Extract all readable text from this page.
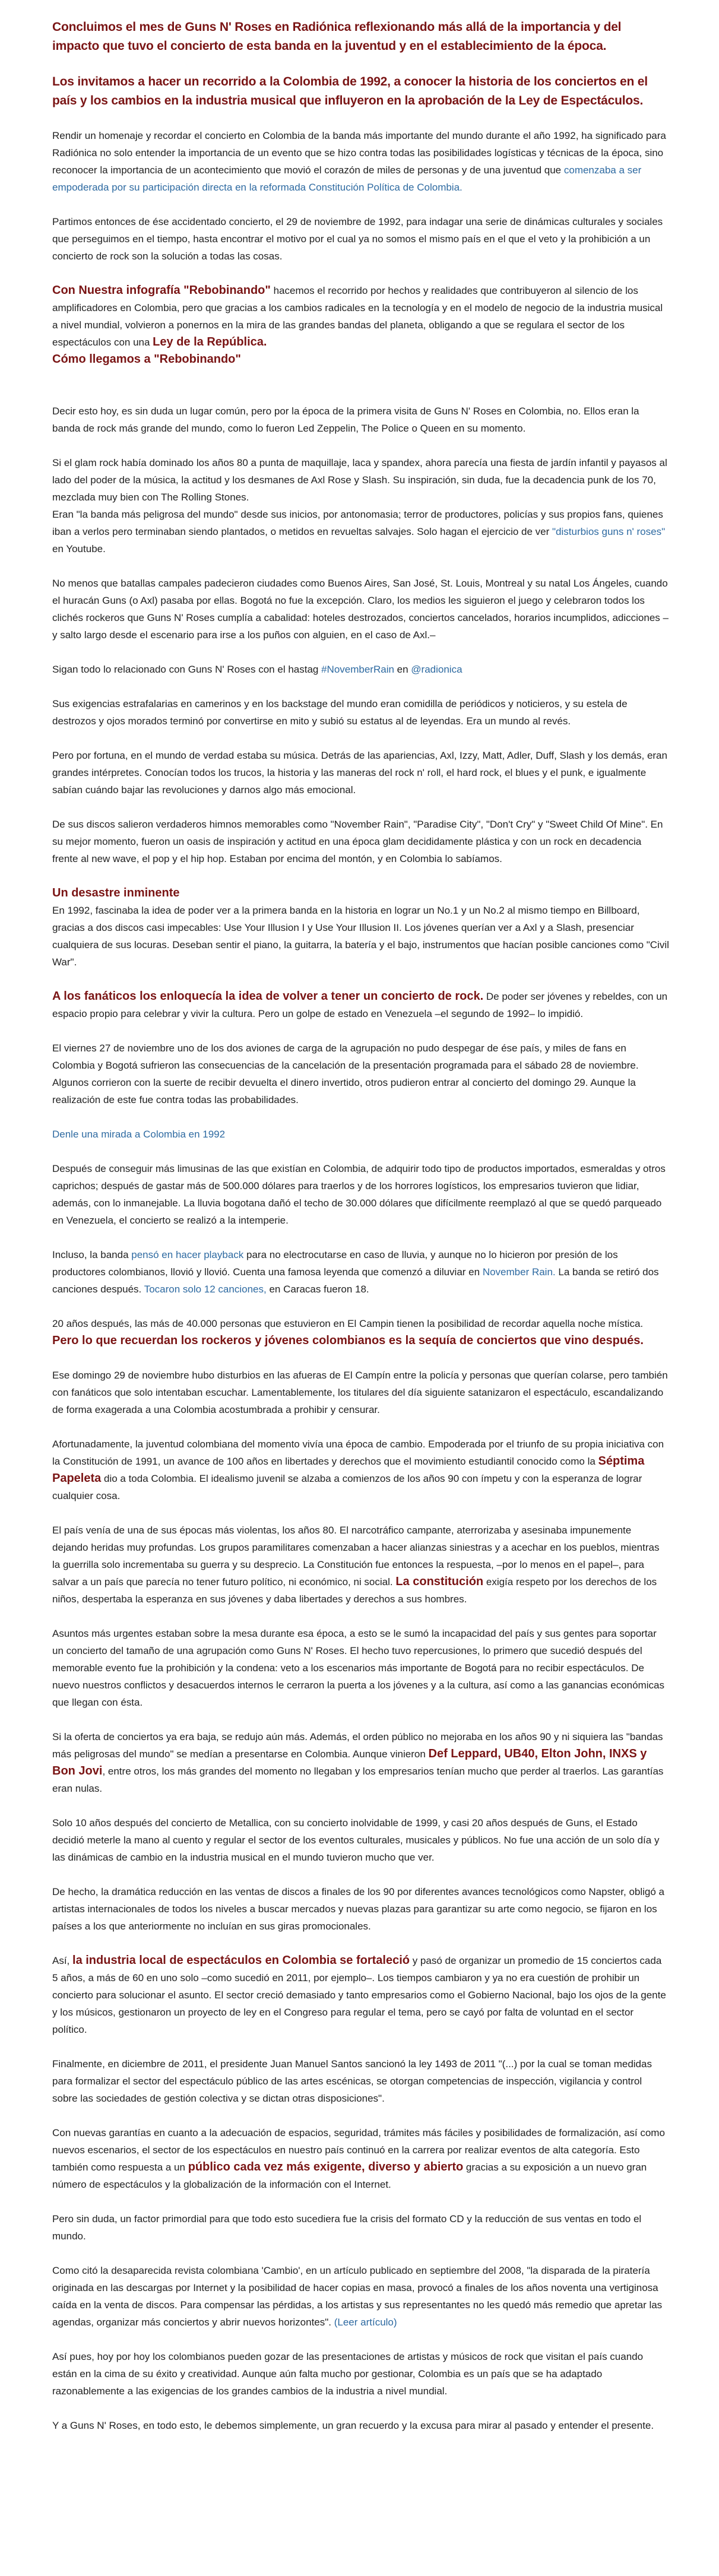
Concluimos el mes de Guns N' Roses en Radiónica reflexionando más allá de la importancia y del impacto que tuvo el concierto de esta banda en la juventud y en el establecimiento de la época.

Los invitamos a hacer un recorrido a la Colombia de 1992, a conocer la historia de los conciertos en el país y los cambios en la industria musical que influyeron en la aprobación de la Ley de Espectáculos.

Rendir un homenaje y recordar el concierto en Colombia de la banda más importante del mundo durante el año 1992, ha significado para Radiónica no solo entender la importancia de un evento que se hizo contra todas las posibilidades logísticas y técnicas de la época, sino reconocer la importancia de un acontecimiento que movió el corazón de miles de personas y de una juventud que comenzaba a ser empoderada por su participación directa en la reformada Constitución Política de Colombia.

Partimos entonces de ése accidentado concierto, el 29 de noviembre de 1992, para indagar una serie de dinámicas culturales y sociales que perseguimos en el tiempo, hasta encontrar el motivo por el cual ya no somos el mismo país en el que el veto y la prohibición a un concierto de rock son la solución a todas las cosas.

Con Nuestra infografía "Rebobinando" hacemos el recorrido por hechos y realidades que contribuyeron al silencio de los amplificadores en Colombia, pero que gracias a los cambios radicales en la tecnología y en el modelo de negocio de la industria musical a nivel mundial, volvieron a ponernos en la mira de las grandes bandas del planeta, obligando a que se regulara el sector de los espectáculos con una Ley de la República.
Cómo llegamos a "Rebobinando"

Decir esto hoy, es sin duda un lugar común, pero por la época de la primera visita de Guns N' Roses en Colombia, no. Ellos eran la banda de rock más grande del mundo, como lo fueron Led Zeppelin, The Police o Queen en su momento.

Si el glam rock había dominado los años 80 a punta de maquillaje, laca y spandex, ahora parecía una fiesta de jardín infantil y payasos al lado del poder de la música, la actitud y los desmanes de Axl Rose y Slash. Su inspiración, sin duda, fue la decadencia punk de los 70, mezclada muy bien con The Rolling Stones.
Eran "la banda más peligrosa del mundo" desde sus inicios, por antonomasia; terror de productores, policías y sus propios fans, quienes iban a verlos pero terminaban siendo plantados, o metidos en revueltas salvajes. Solo hagan el ejercicio de ver "disturbios guns n' roses" en Youtube.

No menos que batallas campales padecieron ciudades como Buenos Aires, San José, St. Louis, Montreal y su natal Los Ángeles, cuando el huracán Guns (o Axl) pasaba por ellas. Bogotá no fue la excepción. Claro, los medios les siguieron el juego y celebraron todos los clichés rockeros que Guns N' Roses cumplía a cabalidad: hoteles destrozados, conciertos cancelados, horarios incumplidos, adicciones –y salto largo desde el escenario para irse a los puños con alguien, en el caso de Axl.–

Sigan todo lo relacionado con Guns N' Roses con el hastag #NovemberRain en @radionica

Sus exigencias estrafalarias en camerinos y en los backstage del mundo eran comidilla de periódicos y noticieros, y su estela de destrozos y ojos morados terminó por convertirse en mito y subió su estatus al de leyendas. Era un mundo al revés.

Pero por fortuna, en el mundo de verdad estaba su música. Detrás de las apariencias, Axl, Izzy, Matt, Adler, Duff, Slash y los demás, eran grandes intérpretes. Conocían todos los trucos, la historia y las maneras del rock n' roll, el hard rock, el blues y el punk, e igualmente sabían cuándo bajar las revoluciones y darnos algo más emocional.

De sus discos salieron verdaderos himnos memorables como "November Rain", "Paradise City", "Don't Cry" y "Sweet Child Of Mine". En su mejor momento, fueron un oasis de inspiración y actitud en una época glam decididamente plástica y con un rock en decadencia frente al new wave, el pop y el hip hop. Estaban por encima del montón, y en Colombia lo sabíamos.

Un desastre inminente

En 1992, fascinaba la idea de poder ver a la primera banda en la historia en lograr un No.1 y un No.2 al mismo tiempo en Billboard, gracias a dos discos casi impecables: Use Your Illusion I y Use Your Illusion II. Los jóvenes querían ver a Axl y a Slash, presenciar cualquiera de sus locuras. Deseban sentir el piano, la guitarra, la batería y el bajo, instrumentos que hacían posible canciones como "Civil War".

A los fanáticos los enloquecía la idea de volver a tener un concierto de rock. De poder ser jóvenes y rebeldes, con un espacio propio para celebrar y vivir la cultura. Pero un golpe de estado en Venezuela –el segundo de 1992– lo impidió.

El viernes 27 de noviembre uno de los dos aviones de carga de la agrupación no pudo despegar de ése país, y miles de fans en Colombia y Bogotá sufrieron las consecuencias de la cancelación de la presentación programada para el sábado 28 de noviembre. Algunos corrieron con la suerte de recibir devuelta el dinero invertido, otros pudieron entrar al concierto del domingo 29. Aunque la realización de este fue contra todas las probabilidades.

Denle una mirada a Colombia en 1992

Después de conseguir más limusinas de las que existían en Colombia, de adquirir todo tipo de productos importados, esmeraldas y otros caprichos; después de gastar más de 500.000 dólares para traerlos y de los horrores logísticos, los empresarios tuvieron que lidiar, además, con lo inmanejable. La lluvia bogotana dañó el techo de 30.000 dólares que difícilmente reemplazó al que se quedó parqueado en Venezuela, el concierto se realizó a la intemperie.

Incluso, la banda pensó en hacer playback para no electrocutarse en caso de lluvia, y aunque no lo hicieron por presión de los productores colombianos, llovió y llovió. Cuenta una famosa leyenda que comenzó a diluviar en November Rain. La banda se retiró dos canciones después. Tocaron solo 12 canciones, en Caracas fueron 18.

20 años después, las más de 40.000 personas que estuvieron en El Campin tienen la posibilidad de recordar aquella noche mística. Pero lo que recuerdan los rockeros y jóvenes colombianos es la sequía de conciertos que vino después.

Ese domingo 29 de noviembre hubo disturbios en las afueras de El Campín entre la policía y personas que querían colarse, pero también con fanáticos que solo intentaban escuchar. Lamentablemente, los titulares del día siguiente satanizaron el espectáculo, escandalizando de forma exagerada a una Colombia acostumbrada a prohibir y censurar.

Afortunadamente, la juventud colombiana del momento vivía una época de cambio. Empoderada por el triunfo de su propia iniciativa con la Constitución de 1991, un avance de 100 años en libertades y derechos que el movimiento estudiantil conocido como la Séptima Papeleta dio a toda Colombia. El idealismo juvenil se alzaba a comienzos de los años 90 con ímpetu y con la esperanza de lograr cualquier cosa.

El país venía de una de sus épocas más violentas, los años 80. El narcotráfico campante, aterrorizaba y asesinaba impunemente dejando heridas muy profundas. Los grupos paramilitares comenzaban a hacer alianzas siniestras y a acechar en los pueblos, mientras la guerrilla solo incrementaba su guerra y su desprecio. La Constitución fue entonces la respuesta, –por lo menos en el papel–, para salvar a un país que parecía no tener futuro político, ni económico, ni social. La constitución exigía respeto por los derechos de los niños, despertaba la esperanza en sus jóvenes y daba libertades y derechos a sus hombres.

Asuntos más urgentes estaban sobre la mesa durante esa época, a esto se le sumó la incapacidad del país y sus gentes para soportar un concierto del tamaño de una agrupación como Guns N' Roses. El hecho tuvo repercusiones, lo primero que sucedió después del memorable evento fue la prohibición y la condena: veto a los escenarios más importante de Bogotá para no recibir espectáculos. De nuevo nuestros conflictos y desacuerdos internos le cerraron la puerta a los jóvenes y a la cultura, así como a las ganancias económicas que llegan con ésta.

Si la oferta de conciertos ya era baja, se redujo aún más. Además, el orden público no mejoraba en los años 90 y ni siquiera las "bandas más peligrosas del mundo" se medían a presentarse en Colombia. Aunque vinieron Def Leppard, UB40, Elton John, INXS y Bon Jovi, entre otros, los más grandes del momento no llegaban y los empresarios tenían mucho que perder al traerlos. Las garantías eran nulas.

Solo 10 años después del concierto de Metallica, con su concierto inolvidable de 1999, y casi 20 años después de Guns, el Estado decidió meterle la mano al cuento y regular el sector de los eventos culturales, musicales y públicos. No fue una acción de un solo día y las dinámicas de cambio en la industria musical en el mundo tuvieron mucho que ver.

De hecho, la dramática reducción en las ventas de discos a finales de los 90 por diferentes avances tecnológicos como Napster, obligó a artistas internacionales de todos los niveles a buscar mercados y nuevas plazas para garantizar su arte como negocio, se fijaron en los países a los que anteriormente no incluían en sus giras promocionales.

Así, la industria local de espectáculos en Colombia se fortaleció y pasó de organizar un promedio de 15 conciertos cada 5 años, a más de 60 en uno solo –como sucedió en 2011, por ejemplo–. Los tiempos cambiaron y ya no era cuestión de prohibir un concierto para solucionar el asunto. El sector creció demasiado y tanto empresarios como el Gobierno Nacional, bajo los ojos de la gente y los músicos, gestionaron un proyecto de ley en el Congreso para regular el tema, pero se cayó por falta de voluntad en el sector político.

Finalmente, en diciembre de 2011, el presidente Juan Manuel Santos sancionó la ley 1493 de 2011 "(...) por la cual se toman medidas para formalizar el sector del espectáculo público de las artes escénicas, se otorgan competencias de inspección, vigilancia y control sobre las sociedades de gestión colectiva y se dictan otras disposiciones".

Con nuevas garantías en cuanto a la adecuación de espacios, seguridad, trámites más fáciles y posibilidades de formalización, así como nuevos escenarios, el sector de los espectáculos en nuestro país continuó en la carrera por realizar eventos de alta categoría. Esto también como respuesta a un público cada vez más exigente, diverso y abierto gracias a su exposición a un nuevo gran número de espectáculos y la globalización de la información con el Internet.

Pero sin duda, un factor primordial para que todo esto sucediera fue la crisis del formato CD y la reducción de sus ventas en todo el mundo.

Como citó la desaparecida revista colombiana 'Cambio', en un artículo publicado en septiembre del 2008, "la disparada de la piratería originada en las descargas por Internet y la posibilidad de hacer copias en masa, provocó a finales de los años noventa una vertiginosa caída en la venta de discos. Para compensar las pérdidas, a los artistas y sus representantes no les quedó más remedio que apretar las agendas, organizar más conciertos y abrir nuevos horizontes". (Leer artículo)

Así pues, hoy por hoy los colombianos pueden gozar de las presentaciones de artistas y músicos de rock que visitan el país cuando están en la cima de su éxito y creatividad. Aunque aún falta mucho por gestionar, Colombia es un país que se ha adaptado razonablemente a las exigencias de los grandes cambios de la industria a nivel mundial.

Y a Guns N' Roses, en todo esto, le debemos simplemente, un gran recuerdo y la excusa para mirar al pasado y entender el presente.
